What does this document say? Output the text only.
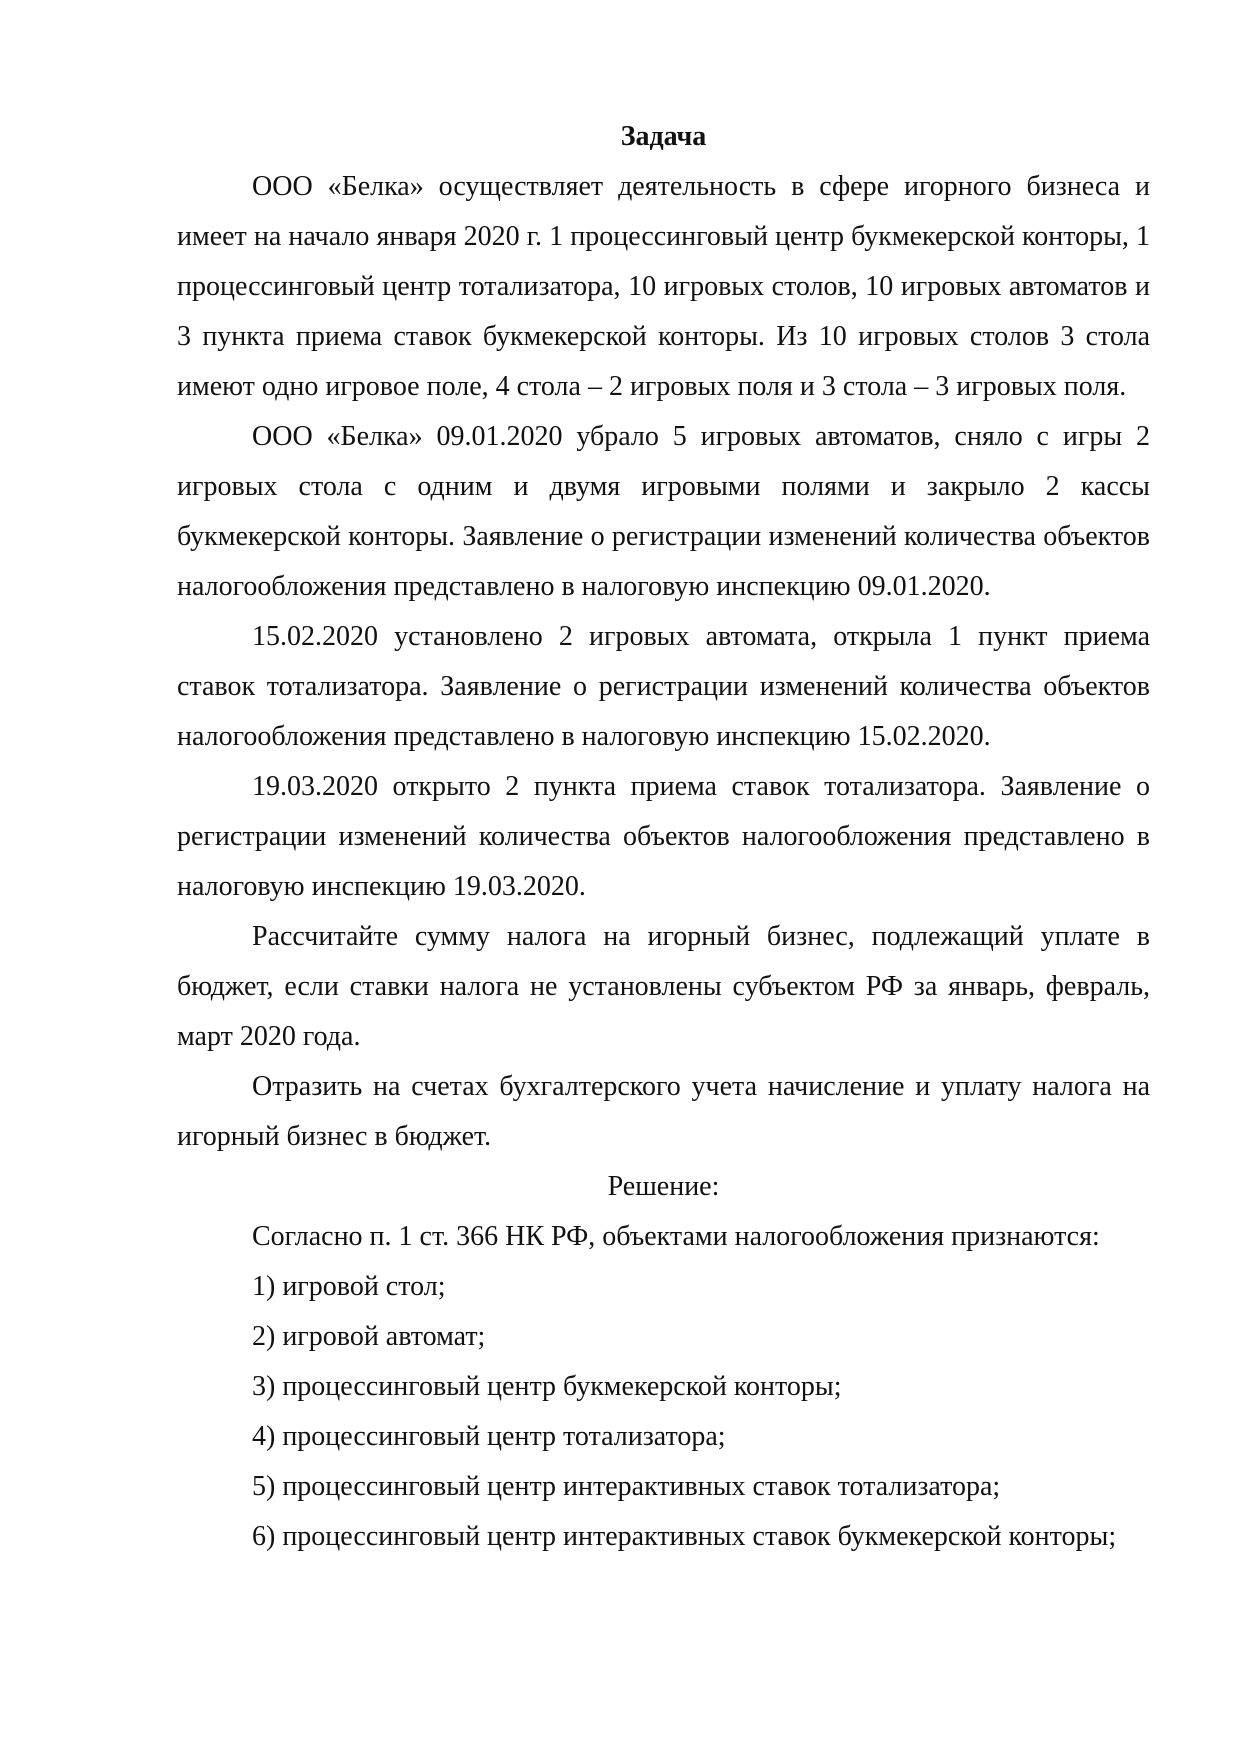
Задача

ООО «Белка» осуществляет деятельность в сфере игорного бизнеса и имеет на начало января 2020 г. 1 процессинговый центр букмекерской конторы, 1 процессинговый центр тотализатора, 10 игровых столов, 10 игровых автоматов и 3 пункта приема ставок букмекерской конторы. Из 10 игровых столов 3 стола имеют одно игровое поле, 4 стола – 2 игровых поля и 3 стола – 3 игровых поля.

ООО «Белка» 09.01.2020 убрало 5 игровых автоматов, сняло с игры 2 игровых стола с одним и двумя игровыми полями и закрыло 2 кассы букмекерской конторы. Заявление о регистрации изменений количества объектов налогообложения представлено в налоговую инспекцию 09.01.2020.

15.02.2020 установлено 2 игровых автомата, открыла 1 пункт приема ставок тотализатора. Заявление о регистрации изменений количества объектов налогообложения представлено в налоговую инспекцию 15.02.2020.

19.03.2020 открыто 2 пункта приема ставок тотализатора. Заявление о регистрации изменений количества объектов налогообложения представлено в налоговую инспекцию 19.03.2020.

Рассчитайте сумму налога на игорный бизнес, подлежащий уплате в бюджет, если ставки налога не установлены субъектом РФ за январь, февраль, март 2020 года.

Отразить на счетах бухгалтерского учета начисление и уплату налога на игорный бизнес в бюджет.

Решение:

Согласно п. 1 ст. 366 НК РФ, объектами налогообложения признаются:

1) игровой стол;
2) игровой автомат;
3) процессинговый центр букмекерской конторы;
4) процессинговый центр тотализатора;
5) процессинговый центр интерактивных ставок тотализатора;
6) процессинговый центр интерактивных ставок букмекерской конторы;
